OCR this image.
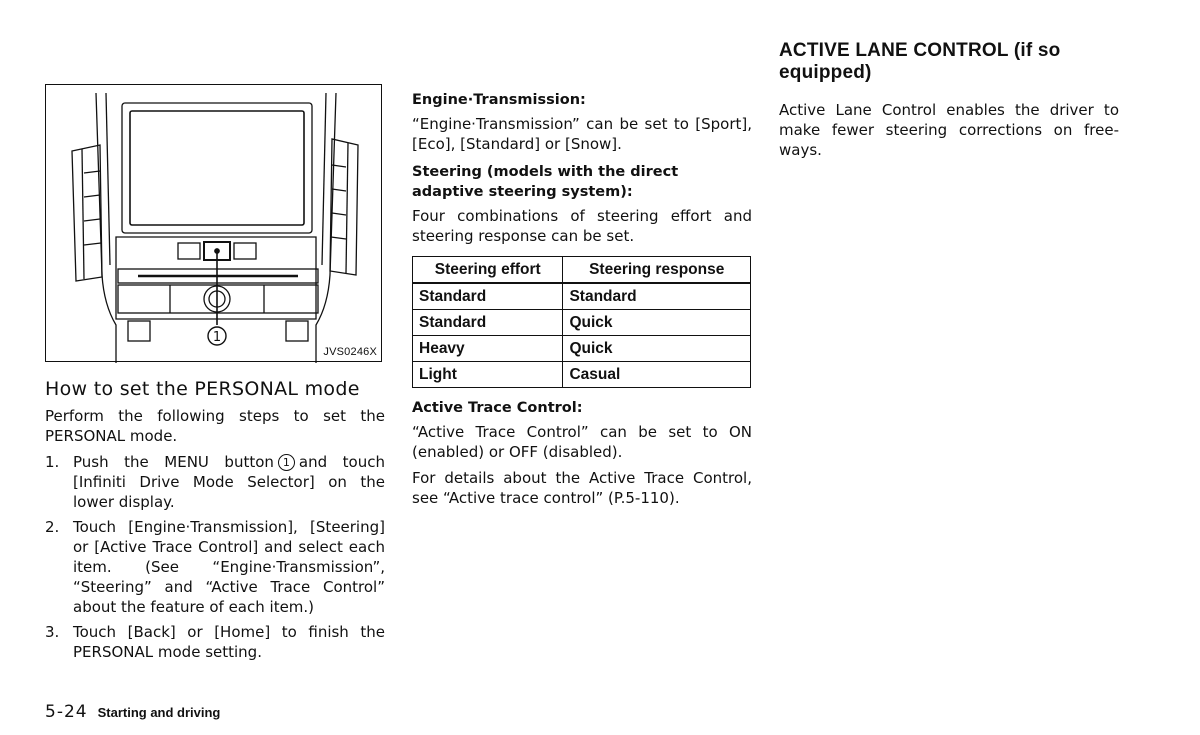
1
JVS0246X
How to set the PERSONAL mode

Perform the following steps to set the PERSONAL mode.

1. Push the MENU button 1 and touch [Infiniti Drive Mode Selector] on the lower display.
2. Touch [Engine·Transmission], [Steering] or [Active Trace Control] and select each item. (See “Engine·Transmission”, “Steering” and “Active Trace Control” about the feature of each item.)
3. Touch [Back] or [Home] to finish the PERSONAL mode setting.
Engine·Transmission:

“Engine·Transmission” can be set to [Sport], [Eco], [Standard] or [Snow].

Steering (models with the direct adaptive steering system):

Four combinations of steering effort and steering response can be set.

Steering effort	Steering response
Standard	Standard
Standard	Quick
Heavy	Quick
Light	Casual
Active Trace Control:

“Active Trace Control” can be set to ON (enabled) or OFF (disabled).

For details about the Active Trace Control, see “Active trace control” (P.5-110).

ACTIVE LANE CONTROL (if so equipped)

Active Lane Control enables the driver to make fewer steering corrections on free-ways.

5-24 Starting and driving
